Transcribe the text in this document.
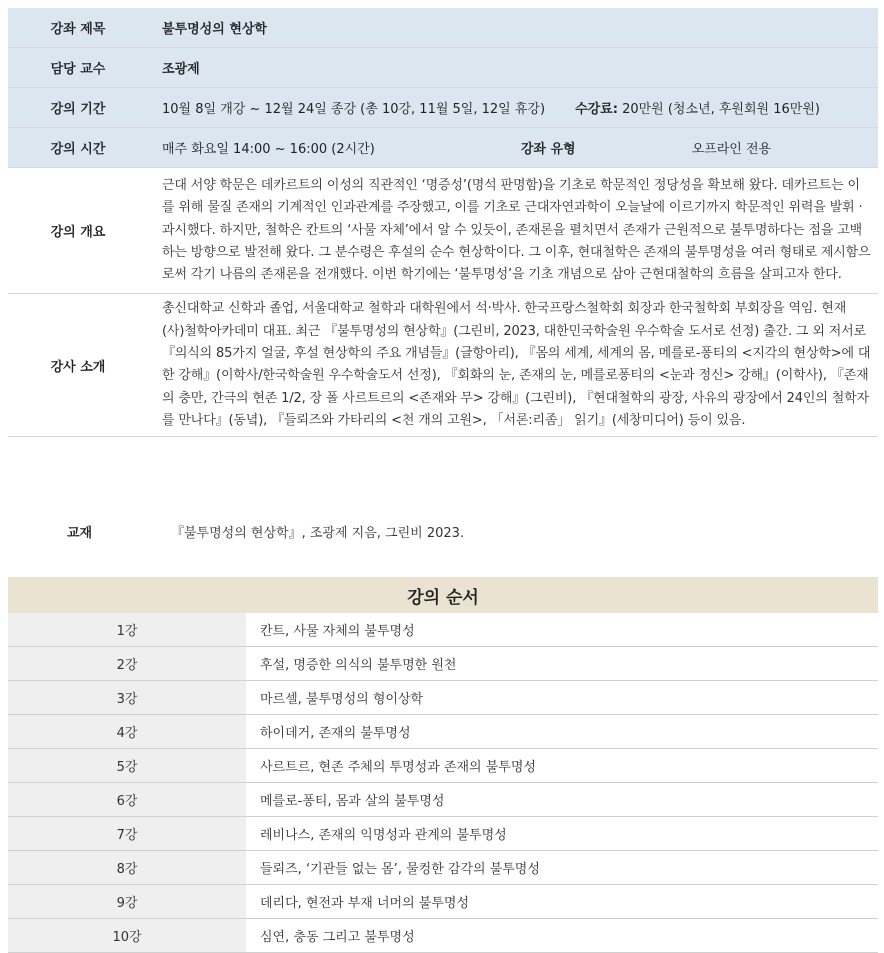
강좌 제목	불투명성의 현상학
담당 교수	조광제
강의 기간	10월 8일 개강 ~ 12월 24일 종강 (총 10강, 11월 5일, 12일 휴강) 수강료: 20만원 (청소년, 후원회원 16만원)

강의 시간	매주 화요일 14:00 ~ 16:00 (2시간) 강좌 유형 오프라인 전용

강의 개요	근대 서양 학문은 데카르트의 이성의 직관적인 ‘명증성’(명석 판명함)을 기초로 학문적인 정당성을 확보해 왔다. 데카르트는 이를 위해 물질 존재의 기계적인 인과관계를 주장했고, 이를 기초로 근대자연과학이 오늘날에 이르기까지 학문적인 위력을 발휘 · 과시했다. 하지만, 철학은 칸트의 ‘사물 자체’에서 알 수 있듯이, 존재론을 펼치면서 존재가 근원적으로 불투명하다는 점을 고백하는 방향으로 발전해 왔다. 그 분수령은 후설의 순수 현상학이다. 그 이후, 현대철학은 존재의 불투명성을 여러 형태로 제시함으로써 각기 나름의 존재론을 전개했다. 이번 학기에는 ‘불투명성’을 기초 개념으로 삼아 근현대철학의 흐름을 살피고자 한다.

강사 소개	총신대학교 신학과 졸업, 서울대학교 철학과 대학원에서 석·박사. 한국프랑스철학회 회장과 한국철학회 부회장을 역임. 현재 (사)철학아카데미 대표. 최근 『불투명성의 현상학』(그린비, 2023, 대한민국학술원 우수학술 도서로 선정) 출간. 그 외 저서로 『의식의 85가지 얼굴, 후설 현상학의 주요 개념들』(글항아리), 『몸의 세계, 세계의 몸, 메를로-퐁티의 <지각의 현상학>에 대한 강해』(이학사/한국학술원 우수학술도서 선정), 『회화의 눈, 존재의 눈, 메를로퐁티의 <눈과 정신> 강해』(이학사), 『존재의 충만, 간극의 현존 1/2, 장 폴 사르트르의 <존재와 무> 강해』(그린비), 『현대철학의 광장, 사유의 광장에서 24인의 철학자를 만나다』(동녘), 『들뢰즈와 가타리의 <천 개의 고원>, 「서론:리좀」 읽기』(세창미디어) 등이 있음.
교재	『불투명성의 현상학』, 조광제 지음, 그린비 2023.
강의 순서
1강	칸트, 사물 자체의 불투명성
2강	후설, 명증한 의식의 불투명한 원천
3강	마르셀, 불투명성의 형이상학
4강	하이데거, 존재의 불투명성
5강	사르트르, 현존 주체의 투명성과 존재의 불투명성
6강	메를로-퐁티, 몸과 살의 불투명성
7강	레비나스, 존재의 익명성과 관계의 불투명성
8강	들뢰즈, ‘기관들 없는 몸’, 물컹한 감각의 불투명성
9강	데리다, 현전과 부재 너머의 불투명성
10강	심연, 충동 그리고 불투명성
